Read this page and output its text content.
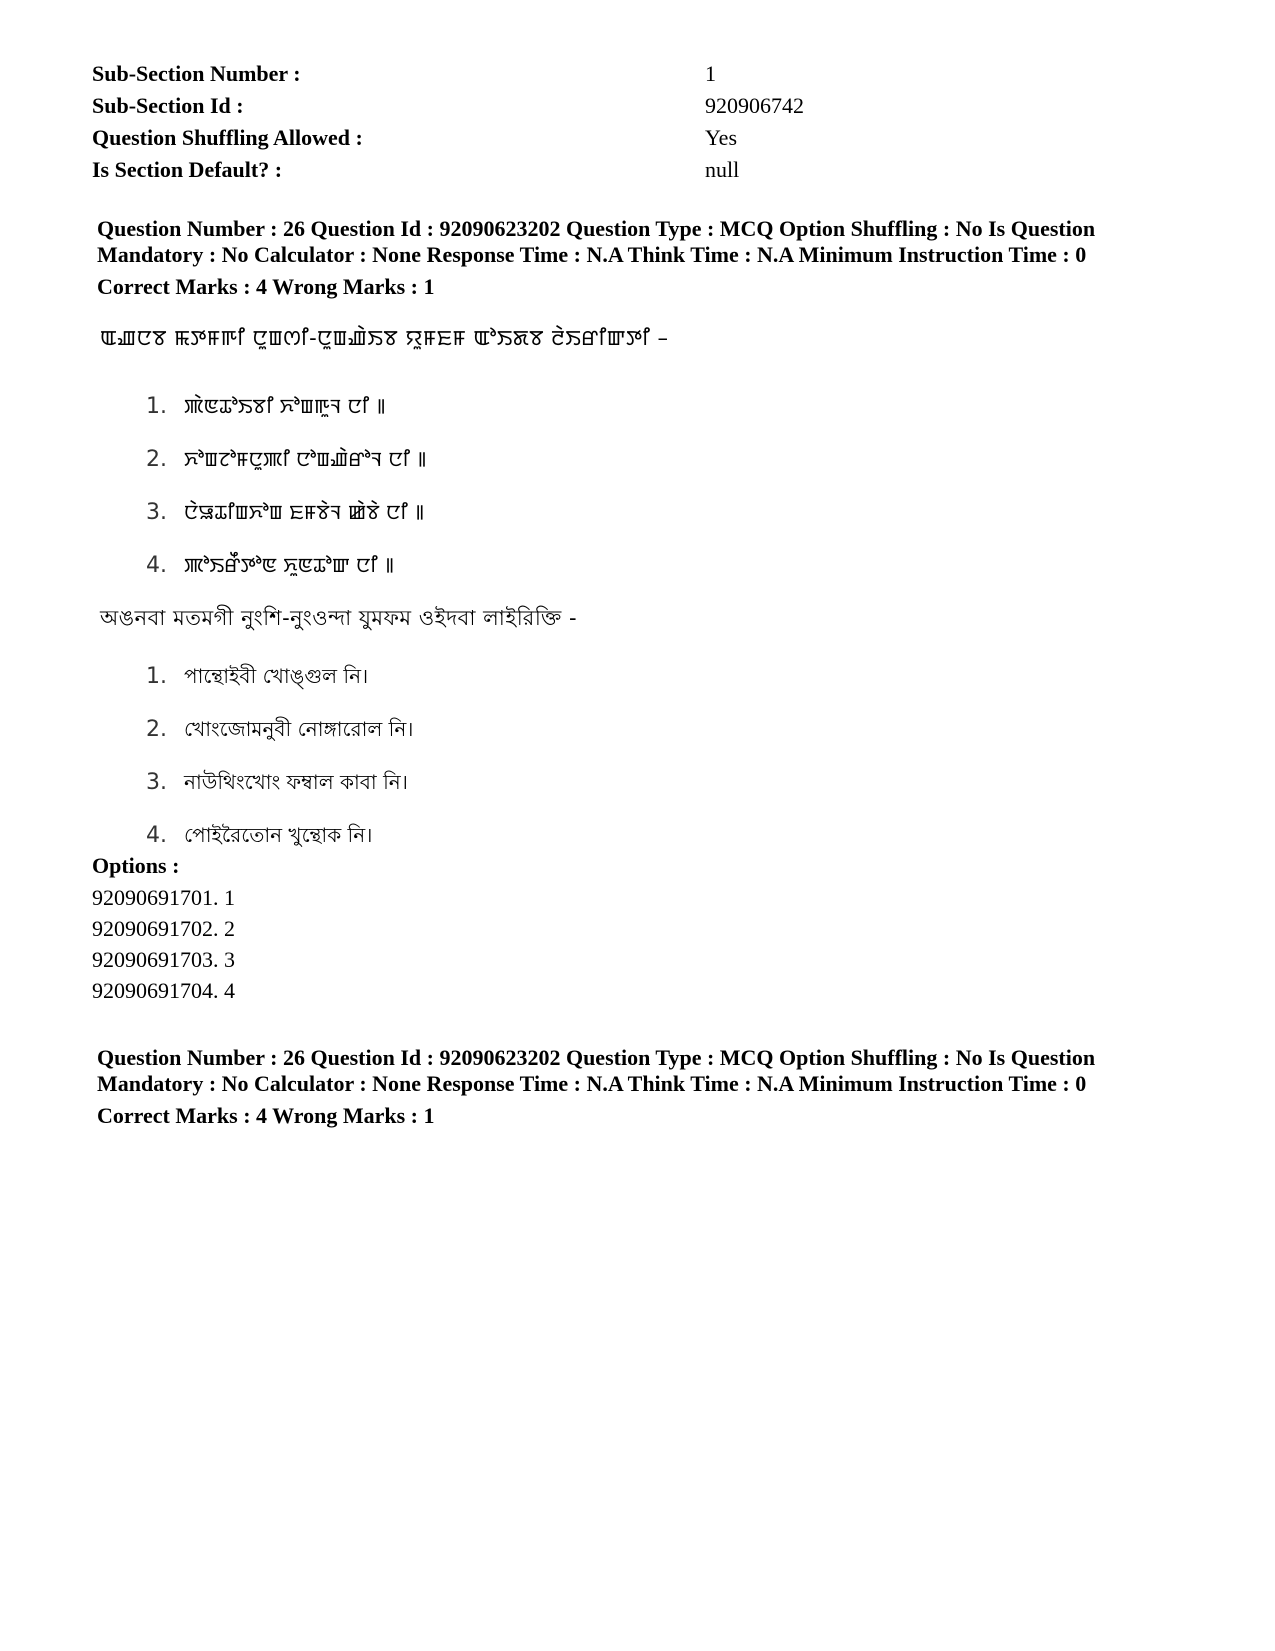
Sub-Section Number :	1
Sub-Section Id :	920906742
Question Shuffling Allowed :	Yes
Is Section Default? :	null
Question Number : 26 Question Id : 92090623202 Question Type : MCQ Option Shuffling : No Is Question
Mandatory : No Calculator : None Response Time : N.A Think Time : N.A Minimum Instruction Time : 0
Correct Marks : 4 Wrong Marks : 1
ꯑꯉꯅꯕ ꯃꯇꯝꯒꯤ ꯅꯨꯡꯁꯤ-ꯅꯨꯡꯉꯥꯏꯕ ꯌꯨꯝꯐꯝ ꯑꯣꯏꯗꯕ ꯂꯥꯏꯔꯤꯛꯇꯤ –
1. ꯄꯥꯟꯊꯣꯏꯕꯤ ꯈꯣꯡꯒꯨꯜ ꯅꯤ ꯫
2. ꯈꯣꯡꯖꯣꯝꯅꯨꯄꯤ ꯅꯣꯡꯉꯥꯔꯣꯜ ꯅꯤ ꯫
3. ꯅꯥꯎꯊꯤꯡꯈꯣꯡ ꯐꯝꯕꯥꯜ ꯀꯥꯕꯥ ꯅꯤ ꯫
4. ꯄꯣꯏꯔꯩꯇꯣꯟ ꯈꯨꯟꯊꯣꯛ ꯅꯤ ꯫
অঙনবা মতমগী নুংশি-নুংওন্দা যুমফম ওইদবা লাইরিক্তি -
1. পান্থোইবী খোঙ্গুল নি।
2. খোংজোমনুবী নোঙ্গারোল নি।
3. নাউথিংখোং ফম্বাল কাবা নি।
4. পোইরৈতোন খুন্থোক নি।
Options :
92090691701. 1
92090691702. 2
92090691703. 3
92090691704. 4
Question Number : 26 Question Id : 92090623202 Question Type : MCQ Option Shuffling : No Is Question
Mandatory : No Calculator : None Response Time : N.A Think Time : N.A Minimum Instruction Time : 0
Correct Marks : 4 Wrong Marks : 1
